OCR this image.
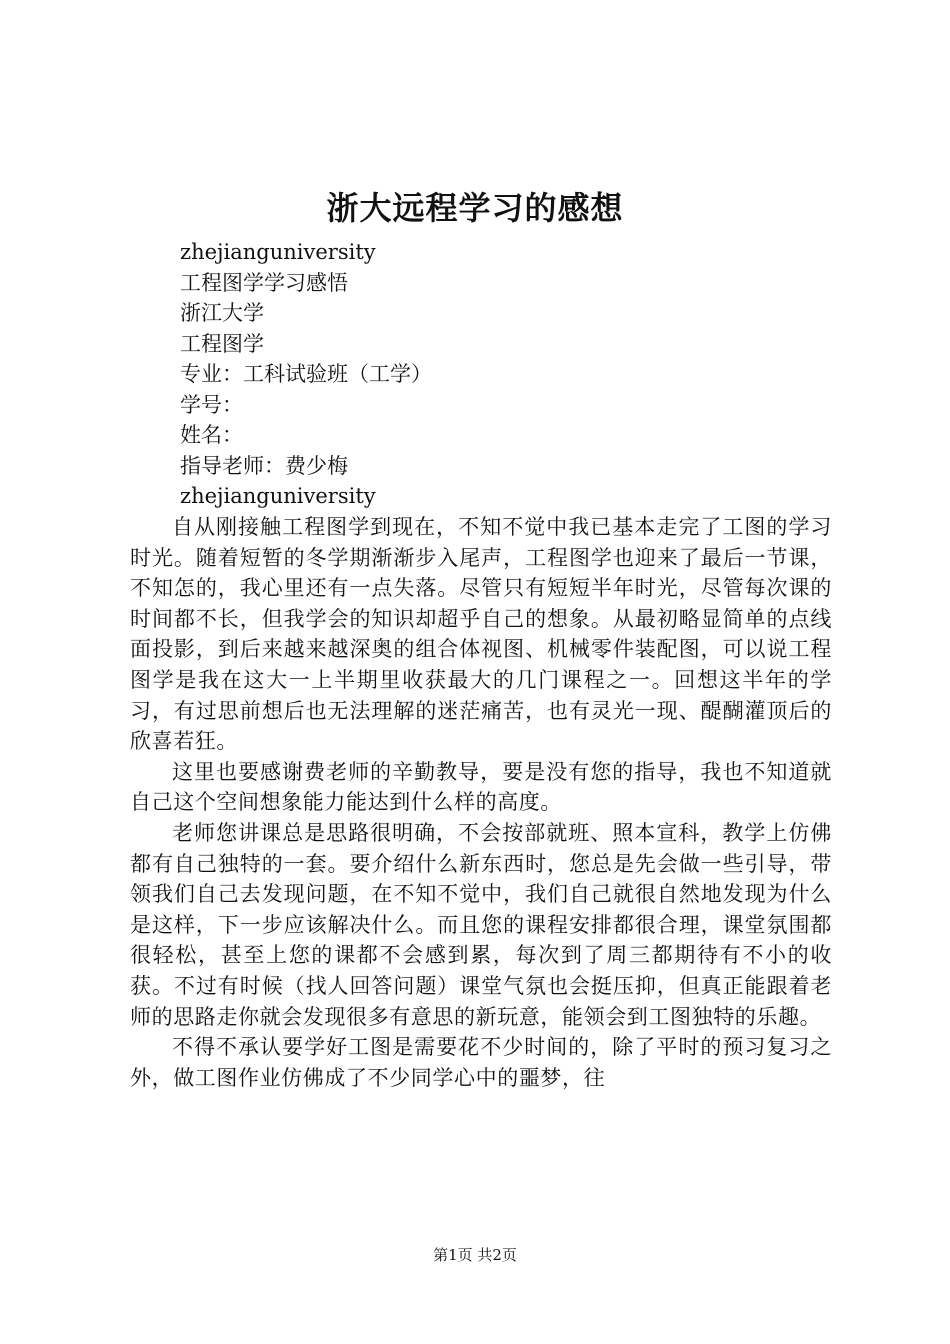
浙大远程学习的感想
zhejianguniversity
工程图学学习感悟
浙江大学
工程图学
专业：工科试验班（工学）
学号：
姓名：
指导老师：费少梅
zhejianguniversity

自从刚接触工程图学到现在，不知不觉中我已基本走完了工图的学习时光。随着短暂的冬学期渐渐步入尾声，工程图学也迎来了最后一节课，不知怎的，我心里还有一点失落。尽管只有短短半年时光，尽管每次课的时间都不长，但我学会的知识却超乎自己的想象。从最初略显简单的点线面投影，到后来越来越深奥的组合体视图、机械零件装配图，可以说工程图学是我在这大一上半期里收获最大的几门课程之一。回想这半年的学习，有过思前想后也无法理解的迷茫痛苦，也有灵光一现、醍醐灌顶后的欣喜若狂。

这里也要感谢费老师的辛勤教导，要是没有您的指导，我也不知道就自己这个空间想象能力能达到什么样的高度。

老师您讲课总是思路很明确，不会按部就班、照本宣科，教学上仿佛都有自己独特的一套。要介绍什么新东西时，您总是先会做一些引导，带领我们自己去发现问题，在不知不觉中，我们自己就很自然地发现为什么是这样，下一步应该解决什么。而且您的课程安排都很合理，课堂氛围都很轻松，甚至上您的课都不会感到累，每次到了周三都期待有不小的收获。不过有时候（找人回答问题）课堂气氛也会挺压抑，但真正能跟着老师的思路走你就会发现很多有意思的新玩意，能领会到工图独特的乐趣。

不得不承认要学好工图是需要花不少时间的，除了平时的预习复习之外，做工图作业仿佛成了不少同学心中的噩梦，往

第1页 共2页
